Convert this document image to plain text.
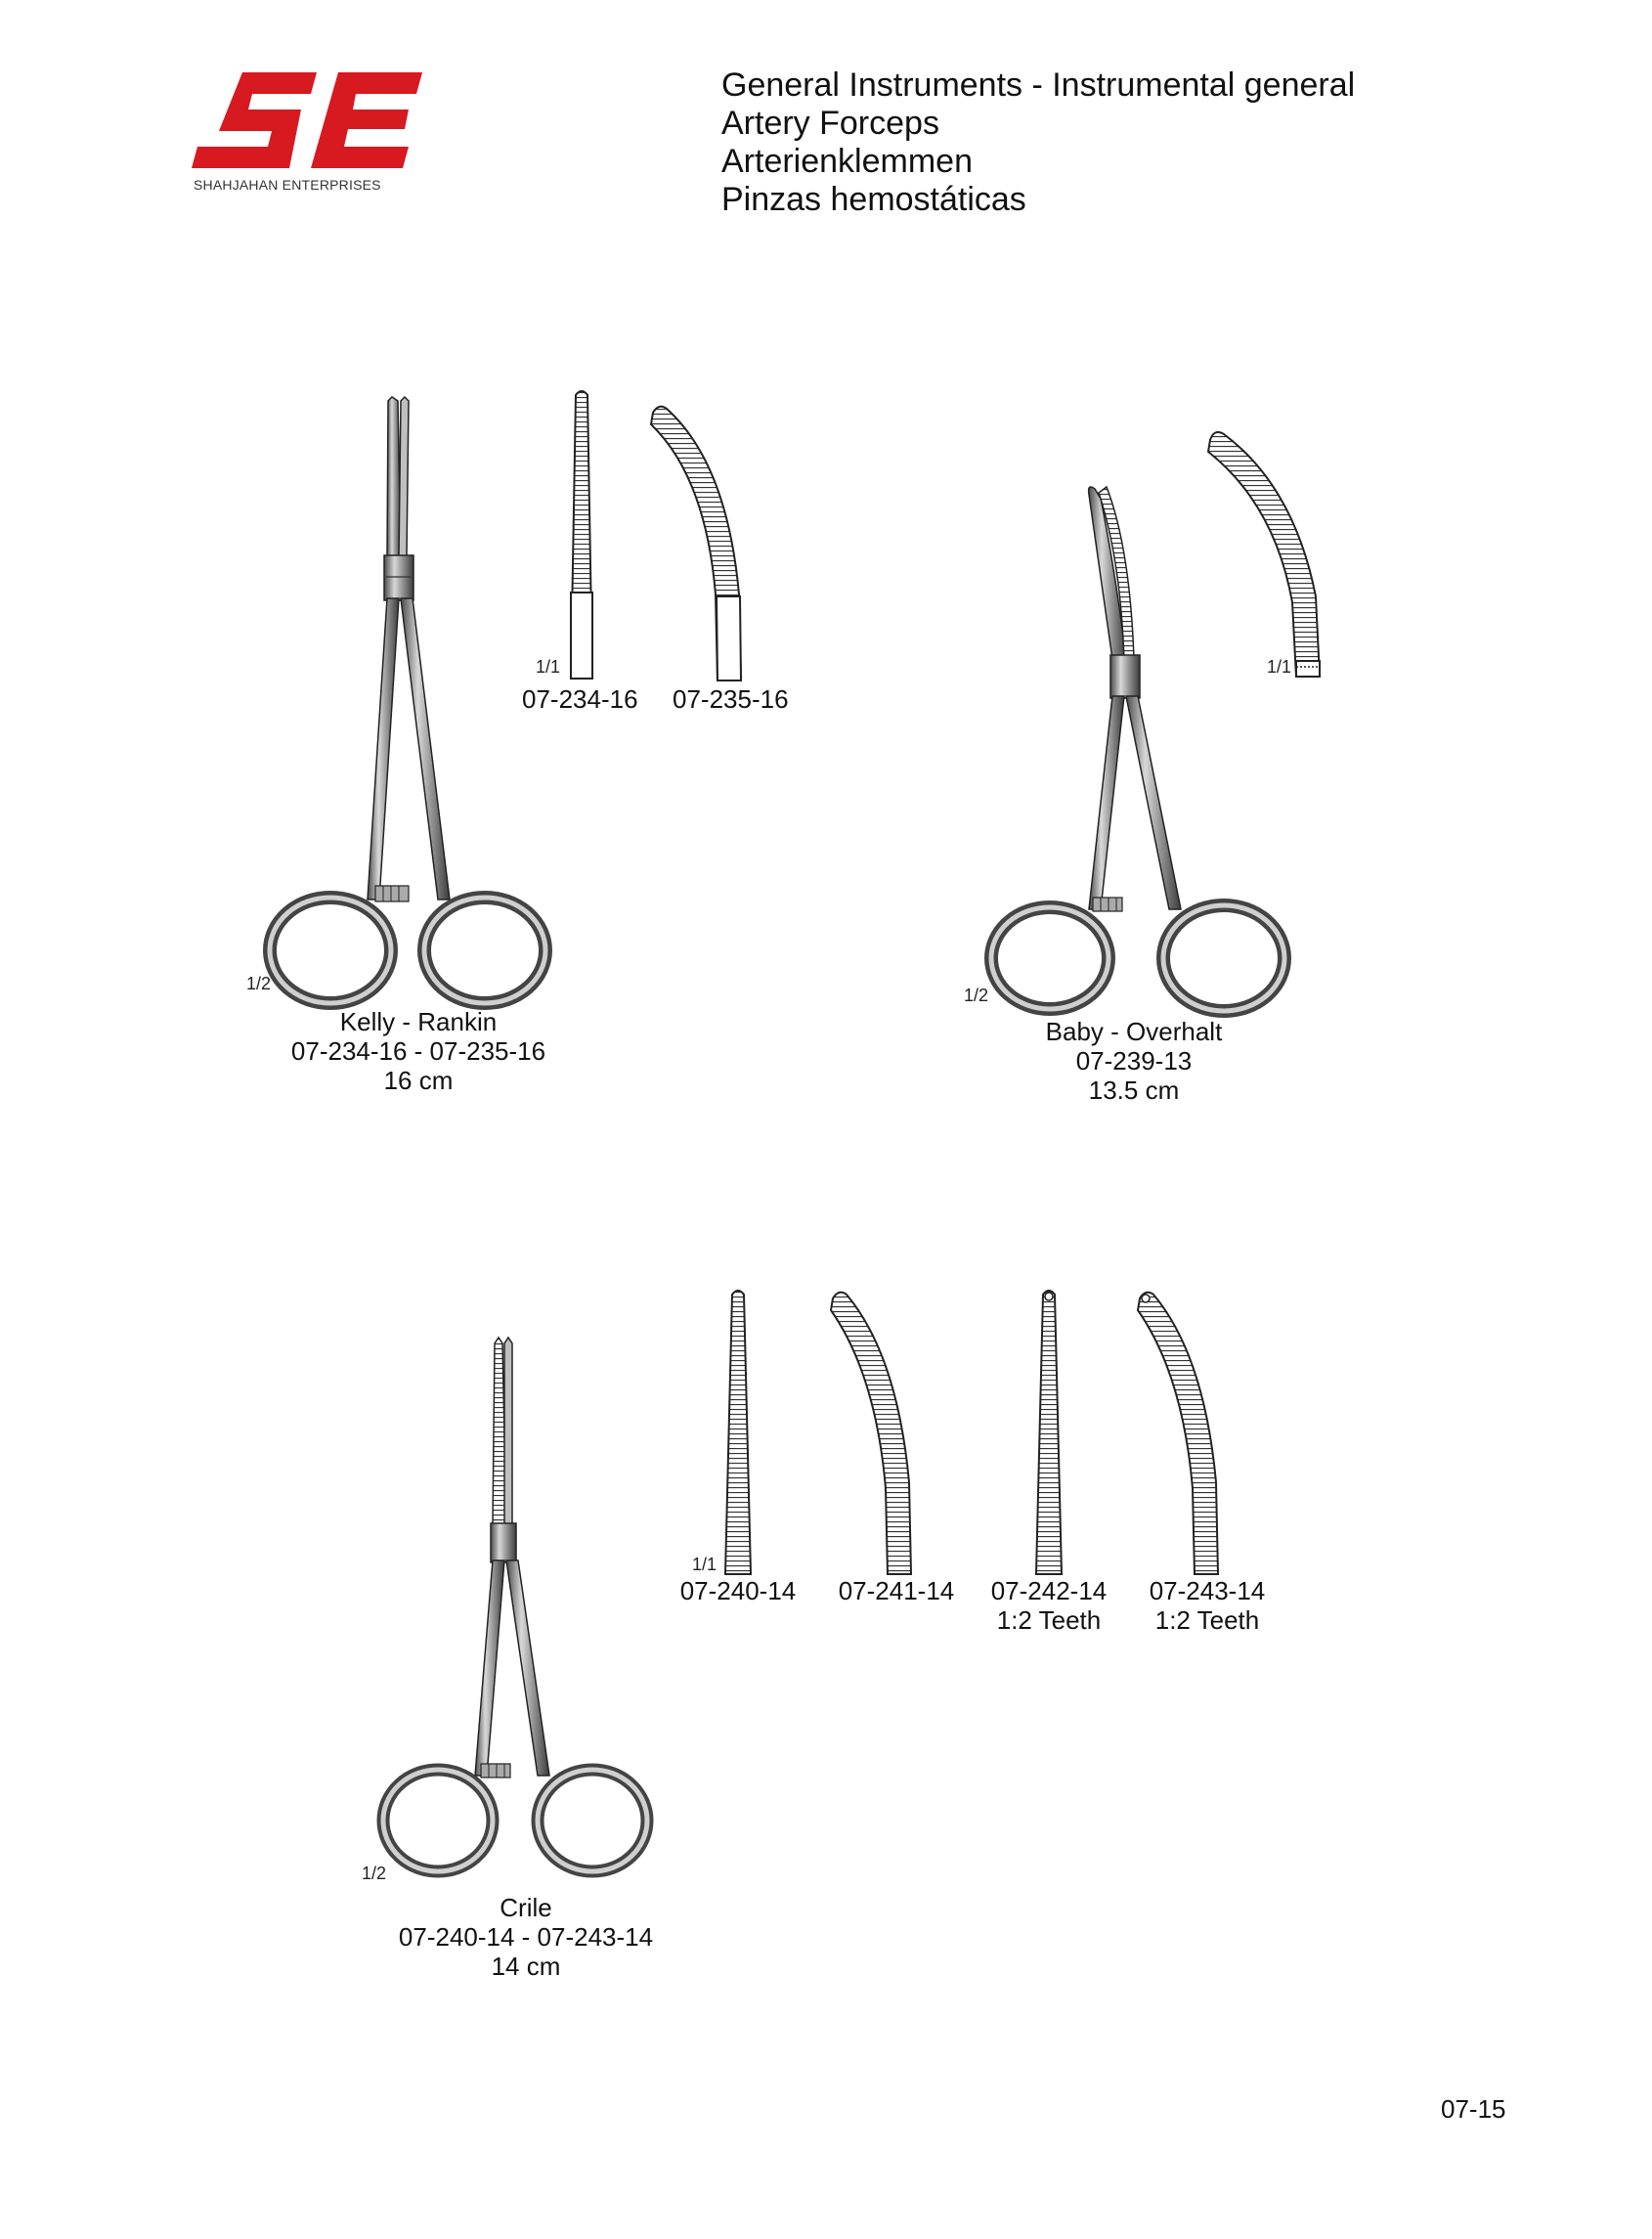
SHAHJAHAN ENTERPRISES
General Instruments - Instrumental general
Artery Forceps
Arterienklemmen
Pinzas hemostáticas
1/2
Kelly - Rankin
07-234-16 - 07-235-16
16 cm
1/1
07-234-16 07-235-16
1/2
Baby - Overhalt
07-239-13
13.5 cm
1/1
1/2
Crile
07-240-14 - 07-243-14
14 cm
1/1
07-240-14 07-241-14 07-242-14
1:2 Teeth
07-243-14
1:2 Teeth
07-15
